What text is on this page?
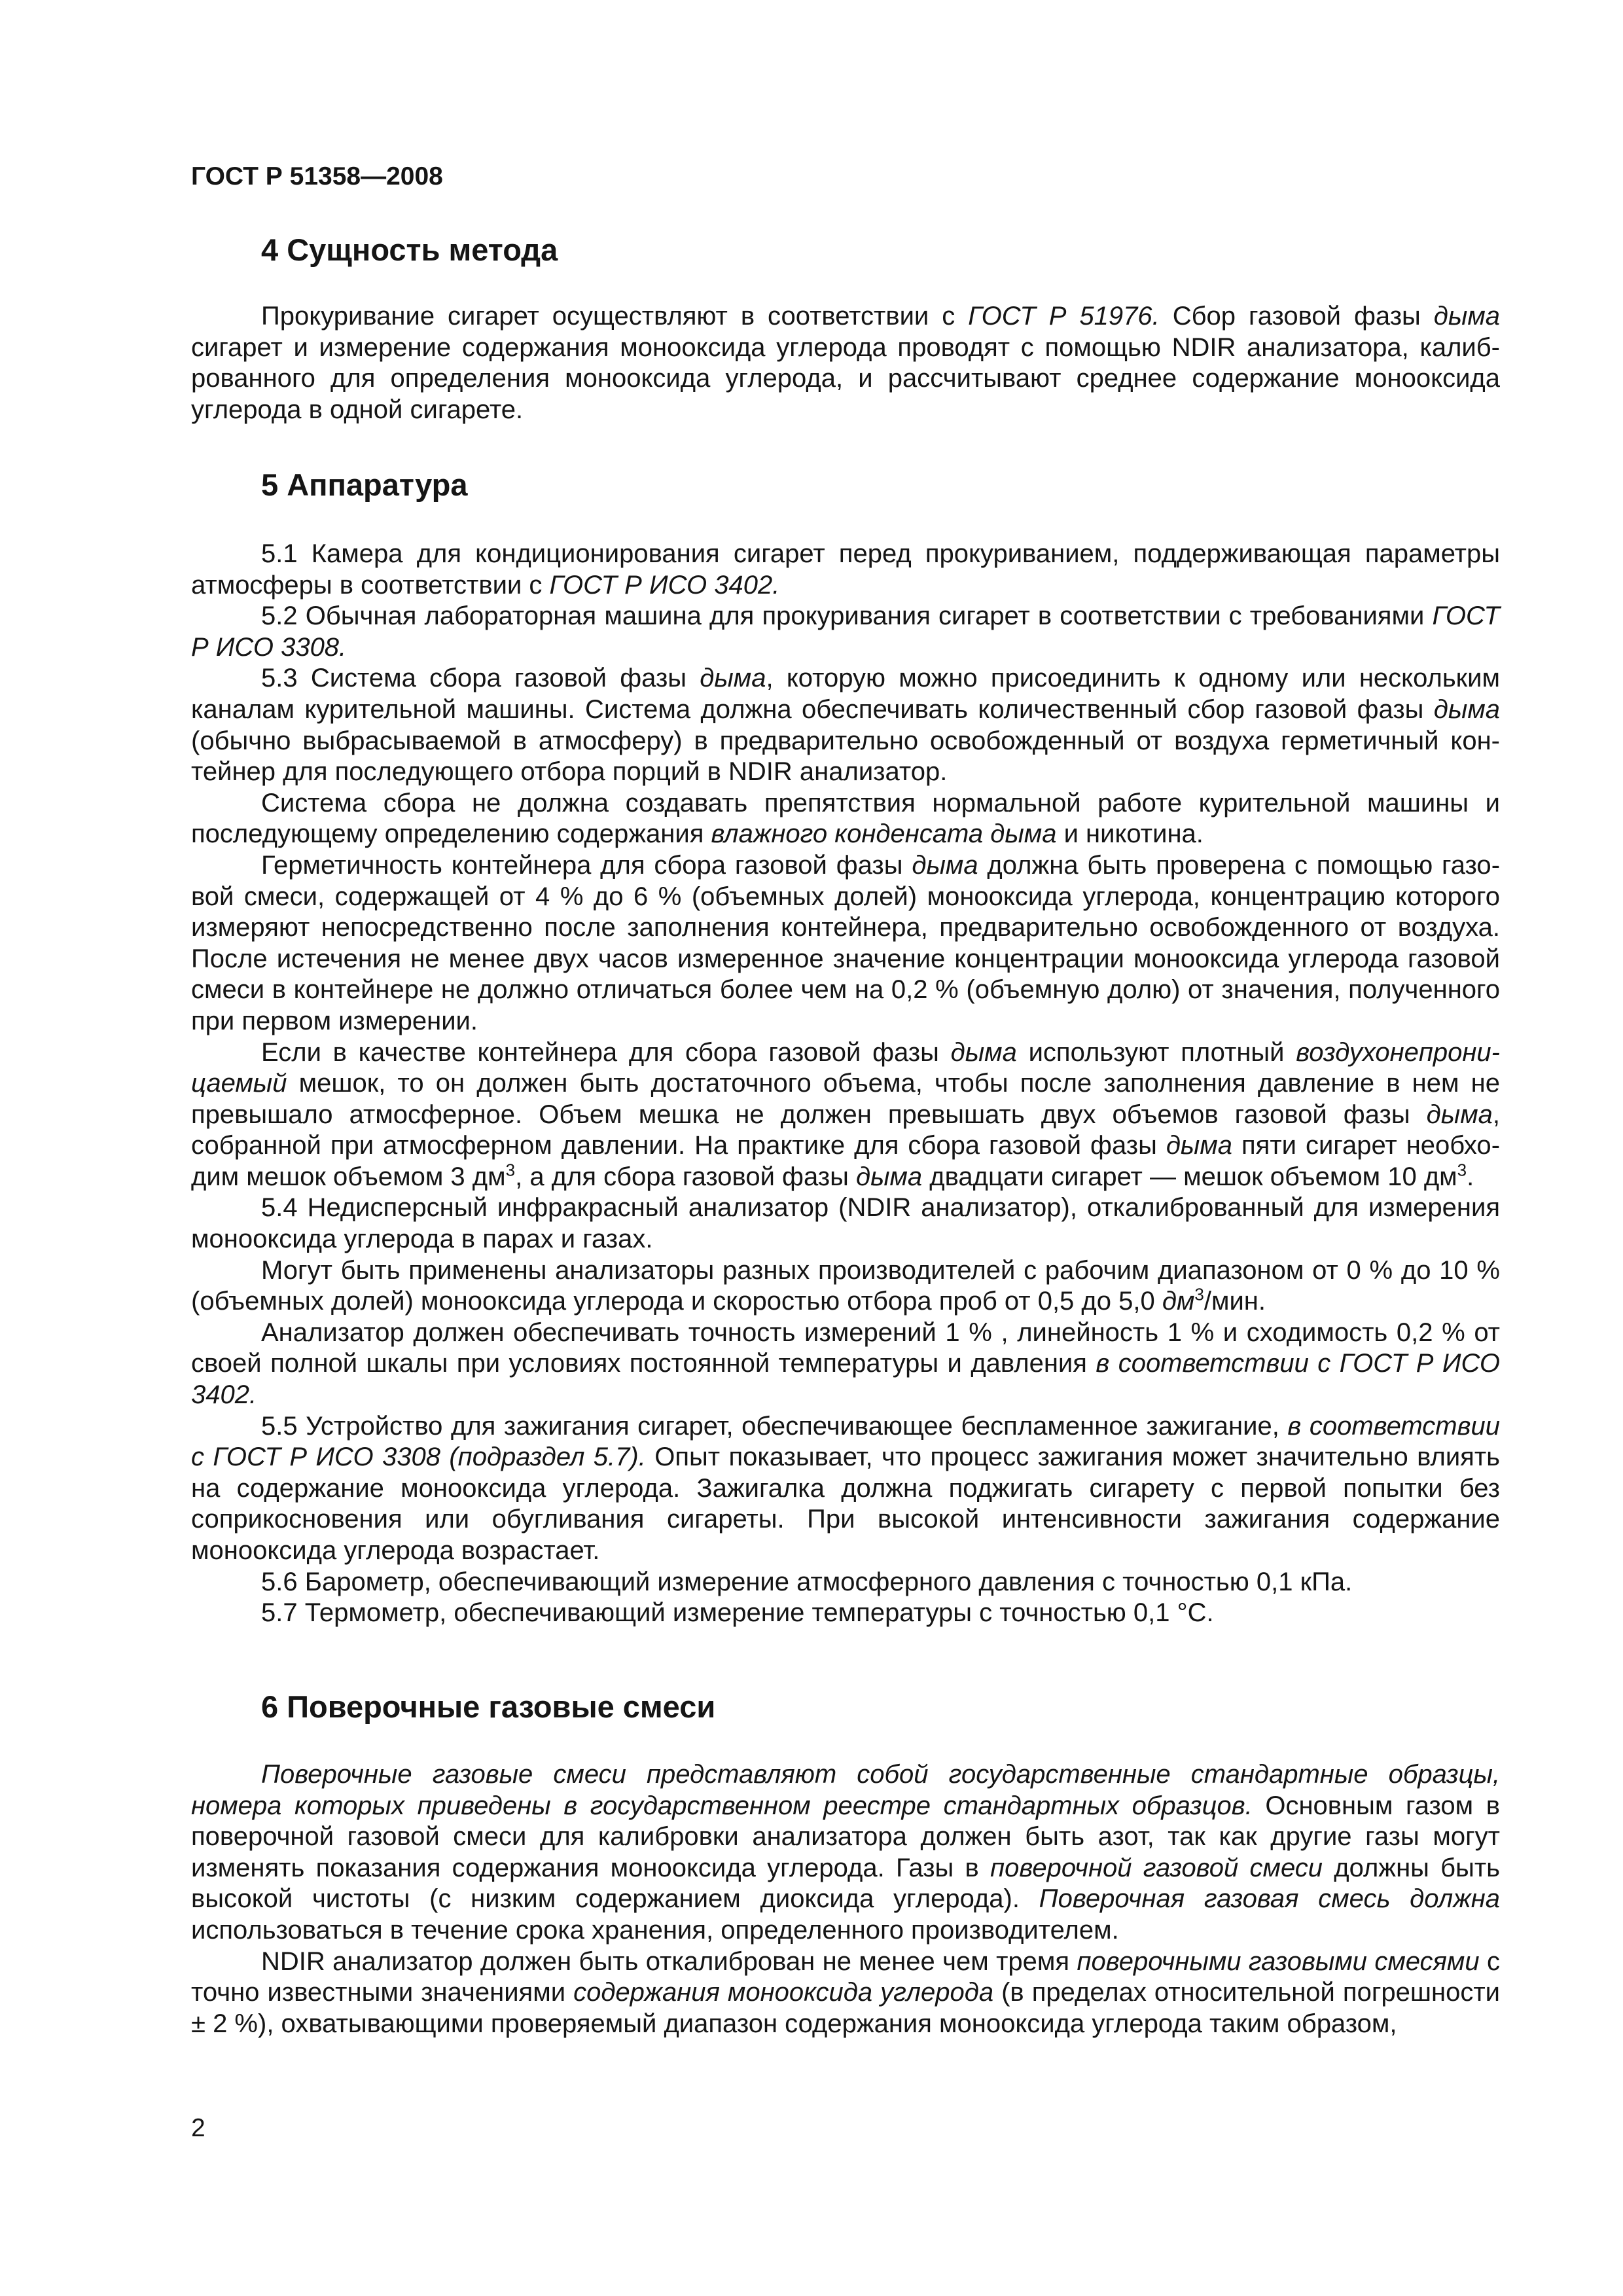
ГОСТ Р 51358—2008
4 Сущность метода

Прокуривание сигарет осуществляют в соответствии с ГОСТ Р 51976. Сбор газовой фазы дыма сигарет и измерение содержания монооксида углерода проводят с помощью NDIR анализатора, калиброванного для определения монооксида углерода, и рассчитывают среднее содержание монооксида углерода в одной сигарете.

5 Аппаратура

5.1 Камера для кондиционирования сигарет перед прокуриванием, поддерживающая параметры атмосферы в соответствии с ГОСТ Р ИСО 3402.

5.2 Обычная лабораторная машина для прокуривания сигарет в соответствии с требованиями ГОСТ Р ИСО 3308.

5.3 Система сбора газовой фазы дыма, которую можно присоединить к одному или нескольким каналам курительной машины. Система должна обеспечивать количественный сбор газовой фазы дыма (обычно выбрасываемой в атмосферу) в предварительно освобожденный от воздуха герметичный контейнер для последующего отбора порций в NDIR анализатор.

Система сбора не должна создавать препятствия нормальной работе курительной машины и последующему определению содержания влажного конденсата дыма и никотина.

Герметичность контейнера для сбора газовой фазы дыма должна быть проверена с помощью газовой смеси, содержащей от 4 % до 6 % (объемных долей) монооксида углерода, концентрацию которого измеряют непосредственно после заполнения контейнера, предварительно освобожденного от воздуха. После истечения не менее двух часов измеренное значение концентрации монооксида углерода газовой смеси в контейнере не должно отличаться более чем на 0,2 % (объемную долю) от значения, полученного при первом измерении.

Если в качестве контейнера для сбора газовой фазы дыма используют плотный воздухонепроницаемый мешок, то он должен быть достаточного объема, чтобы после заполнения давление в нем не превышало атмосферное. Объем мешка не должен превышать двух объемов газовой фазы дыма, собранной при атмосферном давлении. На практике для сбора газовой фазы дыма пяти сигарет необходим мешок объемом 3 $дм^3$, а для сбора газовой фазы дыма двадцати сигарет — мешок объемом 10 $дм^3$.

5.4 Недисперсный инфракрасный анализатор (NDIR анализатор), откалиброванный для измерения монооксида углерода в парах и газах.

Могут быть применены анализаторы разных производителей с рабочим диапазоном от 0 % до 10 % (объемных долей) монооксида углерода и скоростью отбора проб от 0,5 до 5,0 $дм^3$/мин.

Анализатор должен обеспечивать точность измерений 1 % , линейность 1 % и сходимость 0,2 % от своей полной шкалы при условиях постоянной температуры и давления в соответствии с ГОСТ Р ИСО 3402.

5.5 Устройство для зажигания сигарет, обеспечивающее беспламенное зажигание, в соответствии с ГОСТ Р ИСО 3308 (подраздел 5.7). Опыт показывает, что процесс зажигания может значительно влиять на содержание монооксида углерода. Зажигалка должна поджигать сигарету с первой попытки без соприкосновения или обугливания сигареты. При высокой интенсивности зажигания содержание монооксида углерода возрастает.

5.6 Барометр, обеспечивающий измерение атмосферного давления с точностью 0,1 кПа.

5.7 Термометр, обеспечивающий измерение температуры с точностью 0,1 °С.

6 Поверочные газовые смеси

Поверочные газовые смеси представляют собой государственные стандартные образцы, номера которых приведены в государственном реестре стандартных образцов. Основным газом в поверочной газовой смеси для калибровки анализатора должен быть азот, так как другие газы могут изменять показания содержания монооксида углерода. Газы в поверочной газовой смеси должны быть высокой чистоты (с низким содержанием диоксида углерода). Поверочная газовая смесь должна использоваться в течение срока хранения, определенного производителем.

NDIR анализатор должен быть откалиброван не менее чем тремя поверочными газовыми смесями с точно известными значениями содержания монооксида углерода (в пределах относительной погрешности ± 2 %), охватывающими проверяемый диапазон содержания монооксида углерода таким образом,

2
